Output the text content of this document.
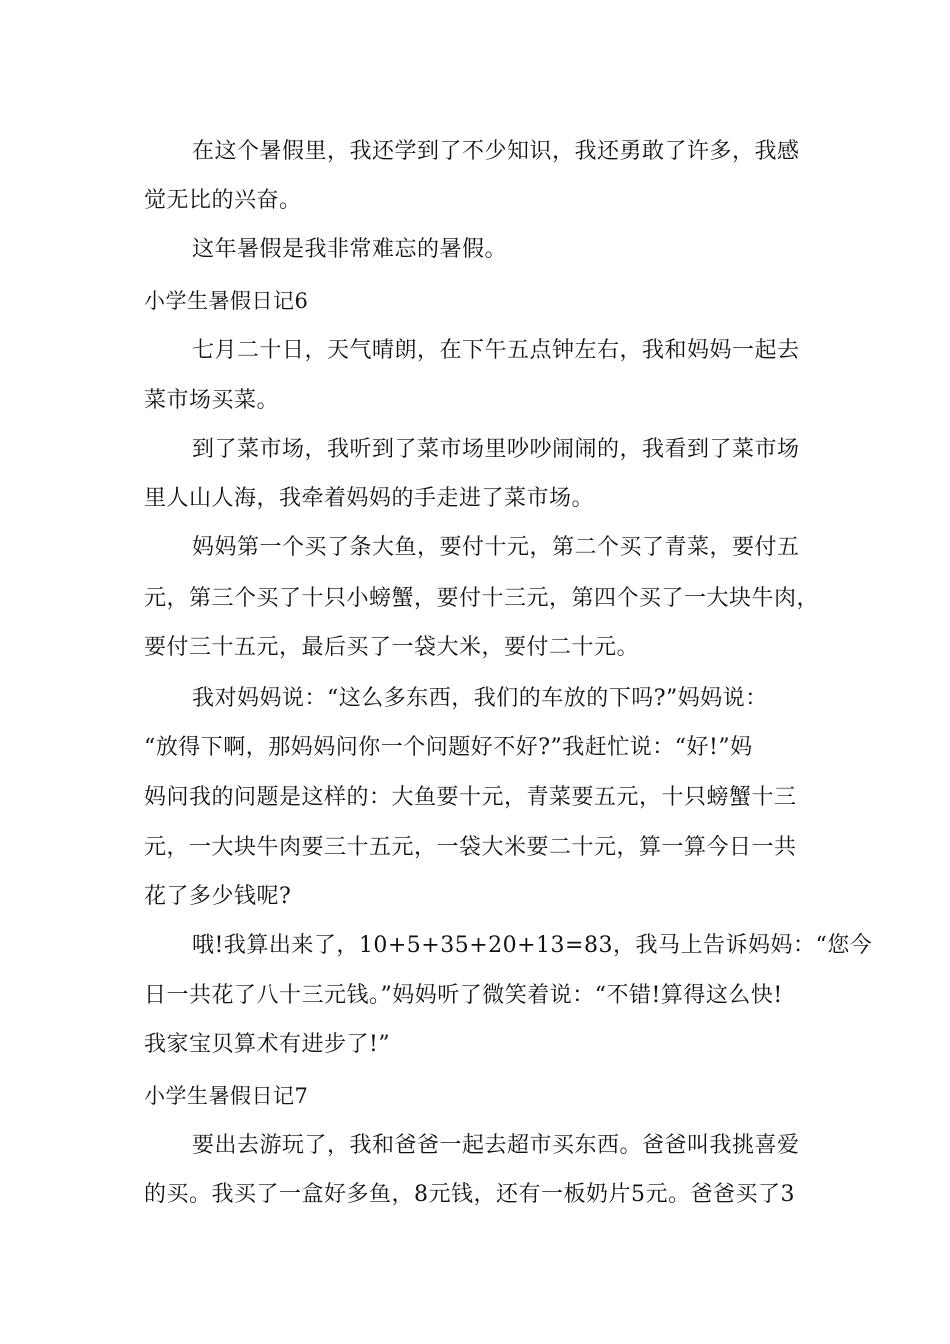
在这个暑假里，我还学到了不少知识，我还勇敢了许多，我感
觉无比的兴奋。
这年暑假是我非常难忘的暑假。
小学生暑假日记6
七月二十日，天气晴朗，在下午五点钟左右，我和妈妈一起去
菜市场买菜。
到了菜市场，我听到了菜市场里吵吵闹闹的，我看到了菜市场
里人山人海，我牵着妈妈的手走进了菜市场。
妈妈第一个买了条大鱼，要付十元，第二个买了青菜，要付五
元，第三个买了十只小螃蟹，要付十三元，第四个买了一大块牛肉，
要付三十五元，最后买了一袋大米，要付二十元。
我对妈妈说：“这么多东西，我们的车放的下吗?”妈妈说：
“放得下啊，那妈妈问你一个问题好不好?”我赶忙说：“好!”妈
妈问我的问题是这样的：大鱼要十元，青菜要五元，十只螃蟹十三
元，一大块牛肉要三十五元，一袋大米要二十元，算一算今日一共
花了多少钱呢?
哦!我算出来了，10+5+35+20+13=83，我马上告诉妈妈：“您今
日一共花了八十三元钱。”妈妈听了微笑着说：“不错!算得这么快!
我家宝贝算术有进步了!”
小学生暑假日记7
要出去游玩了，我和爸爸一起去超市买东西。爸爸叫我挑喜爱
的买。我买了一盒好多鱼，8元钱，还有一板奶片5元。爸爸买了3
